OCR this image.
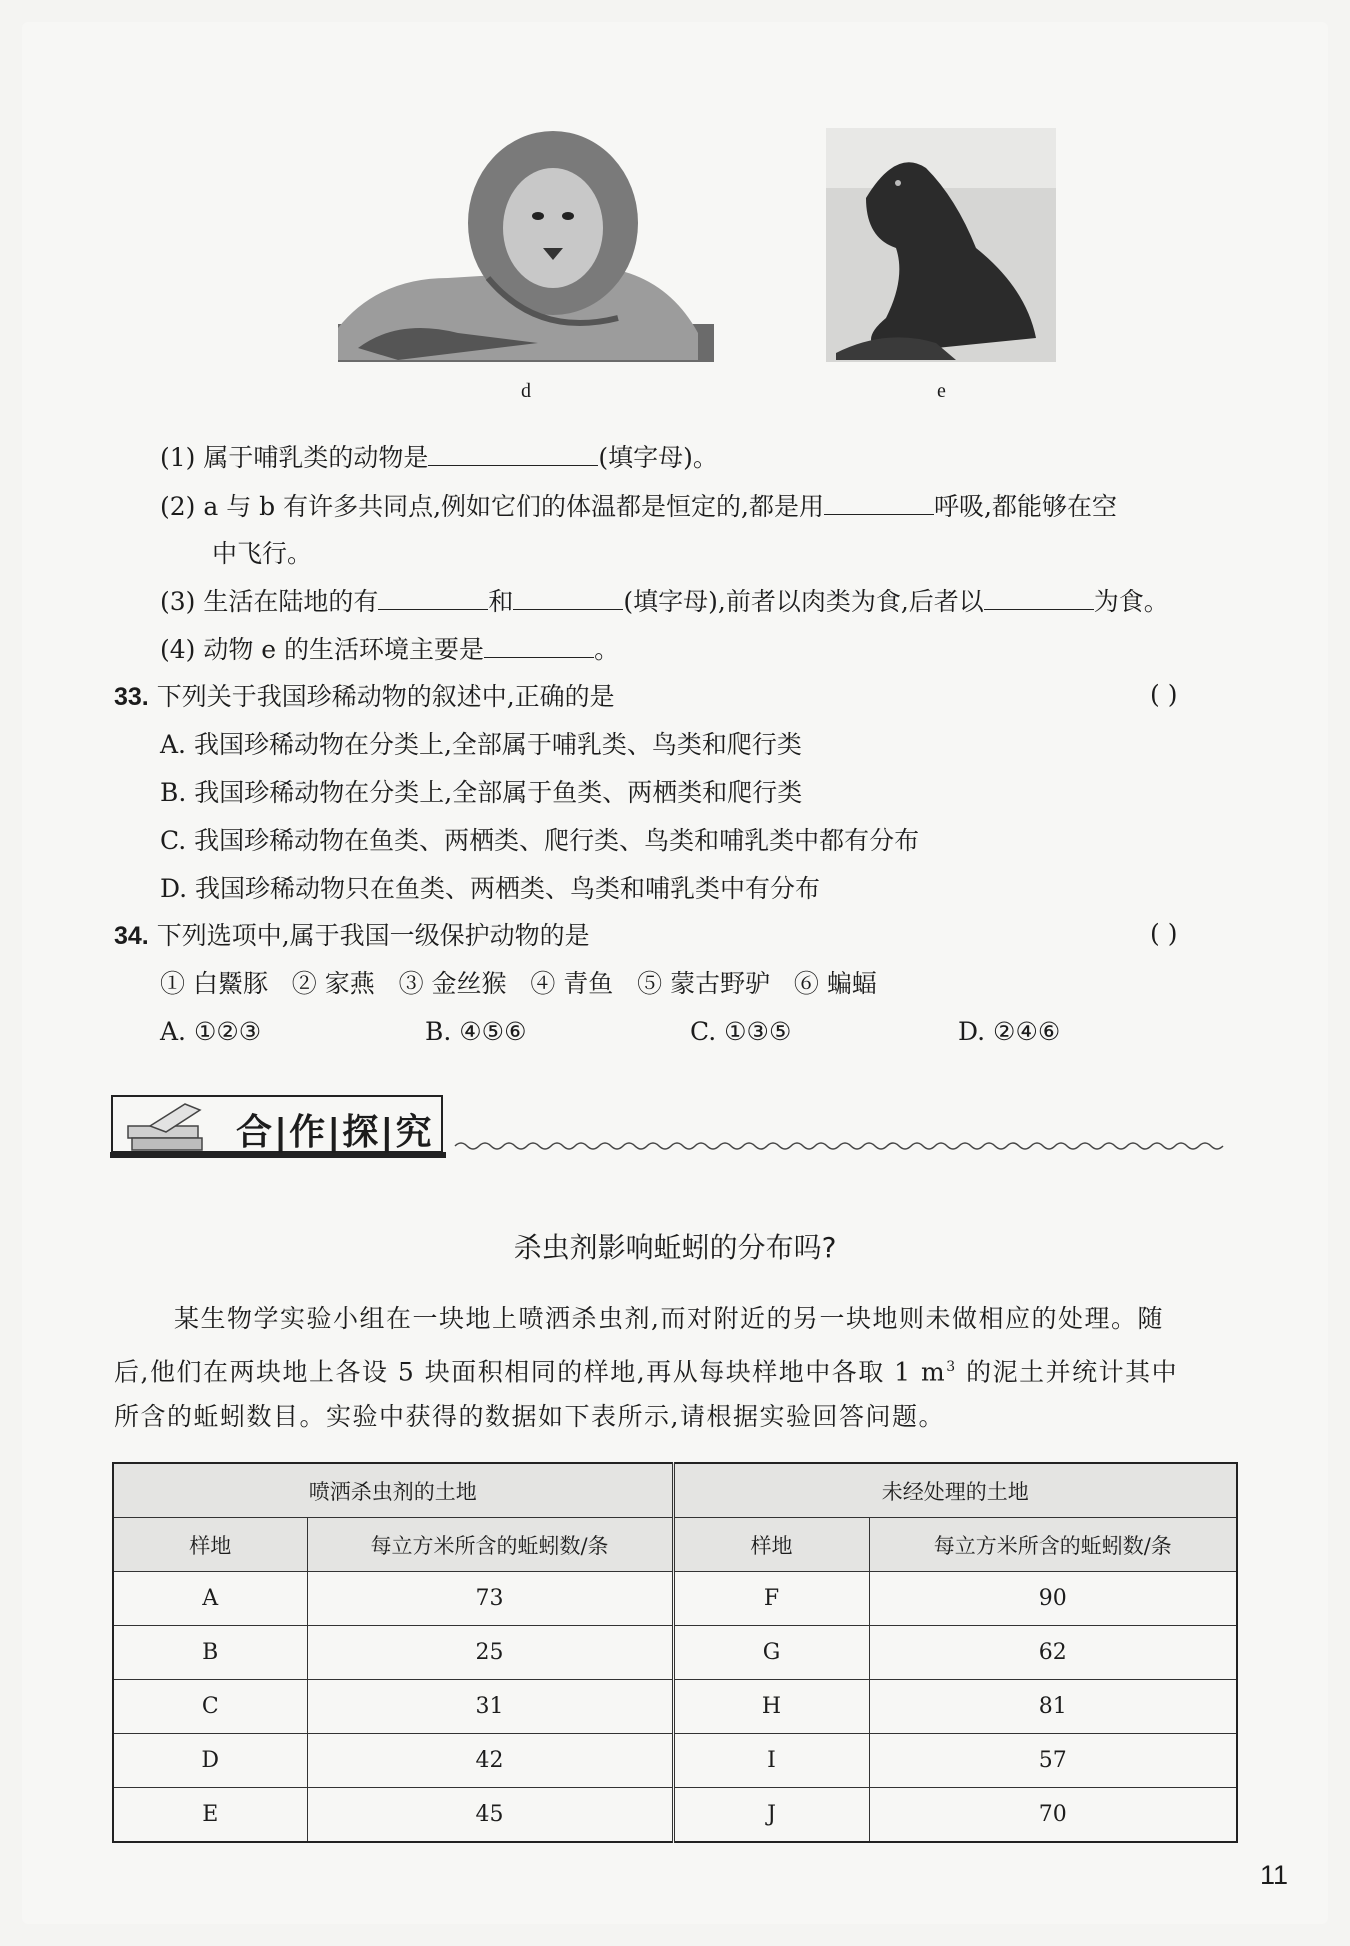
d	e
(1) 属于哺乳类的动物是	(填字母)。
(2) a 与 b 有许多共同点,例如它们的体温都是恒定的,都是用	呼吸,都能够在空
中飞行。
(3) 生活在陆地的有	和	(填字母),前者以肉类为食,后者以	为食。
(4) 动物 e 的生活环境主要是	。
33. 下列关于我国珍稀动物的叙述中,正确的是	( )
A. 我国珍稀动物在分类上,全部属于哺乳类、鸟类和爬行类
B. 我国珍稀动物在分类上,全部属于鱼类、两栖类和爬行类
C. 我国珍稀动物在鱼类、两栖类、爬行类、鸟类和哺乳类中都有分布
D. 我国珍稀动物只在鱼类、两栖类、鸟类和哺乳类中有分布
34. 下列选项中,属于我国一级保护动物的是	( )
① 白鱀豚   ② 家燕   ③ 金丝猴   ④ 青鱼   ⑤ 蒙古野驴   ⑥ 蝙蝠
A. ①②③	B. ④⑤⑥	C. ①③⑤	D. ②④⑥
合|作|探|究
杀虫剂影响蚯蚓的分布吗?
某生物学实验小组在一块地上喷洒杀虫剂,而对附近的另一块地则未做相应的处理。随
后,他们在两块地上各设 5 块面积相同的样地,再从每块样地中各取 1 $m^3$ 的泥土并统计其中
所含的蚯蚓数目。实验中获得的数据如下表所示,请根据实验回答问题。
喷洒杀虫剂的土地		未经处理的土地	
样地	每立方米所含的蚯蚓数/条	样地	每立方米所含的蚯蚓数/条
A	73	F	90
B	25	G	62
C	31	H	81
D	42	I	57
E	45	J	70
11
